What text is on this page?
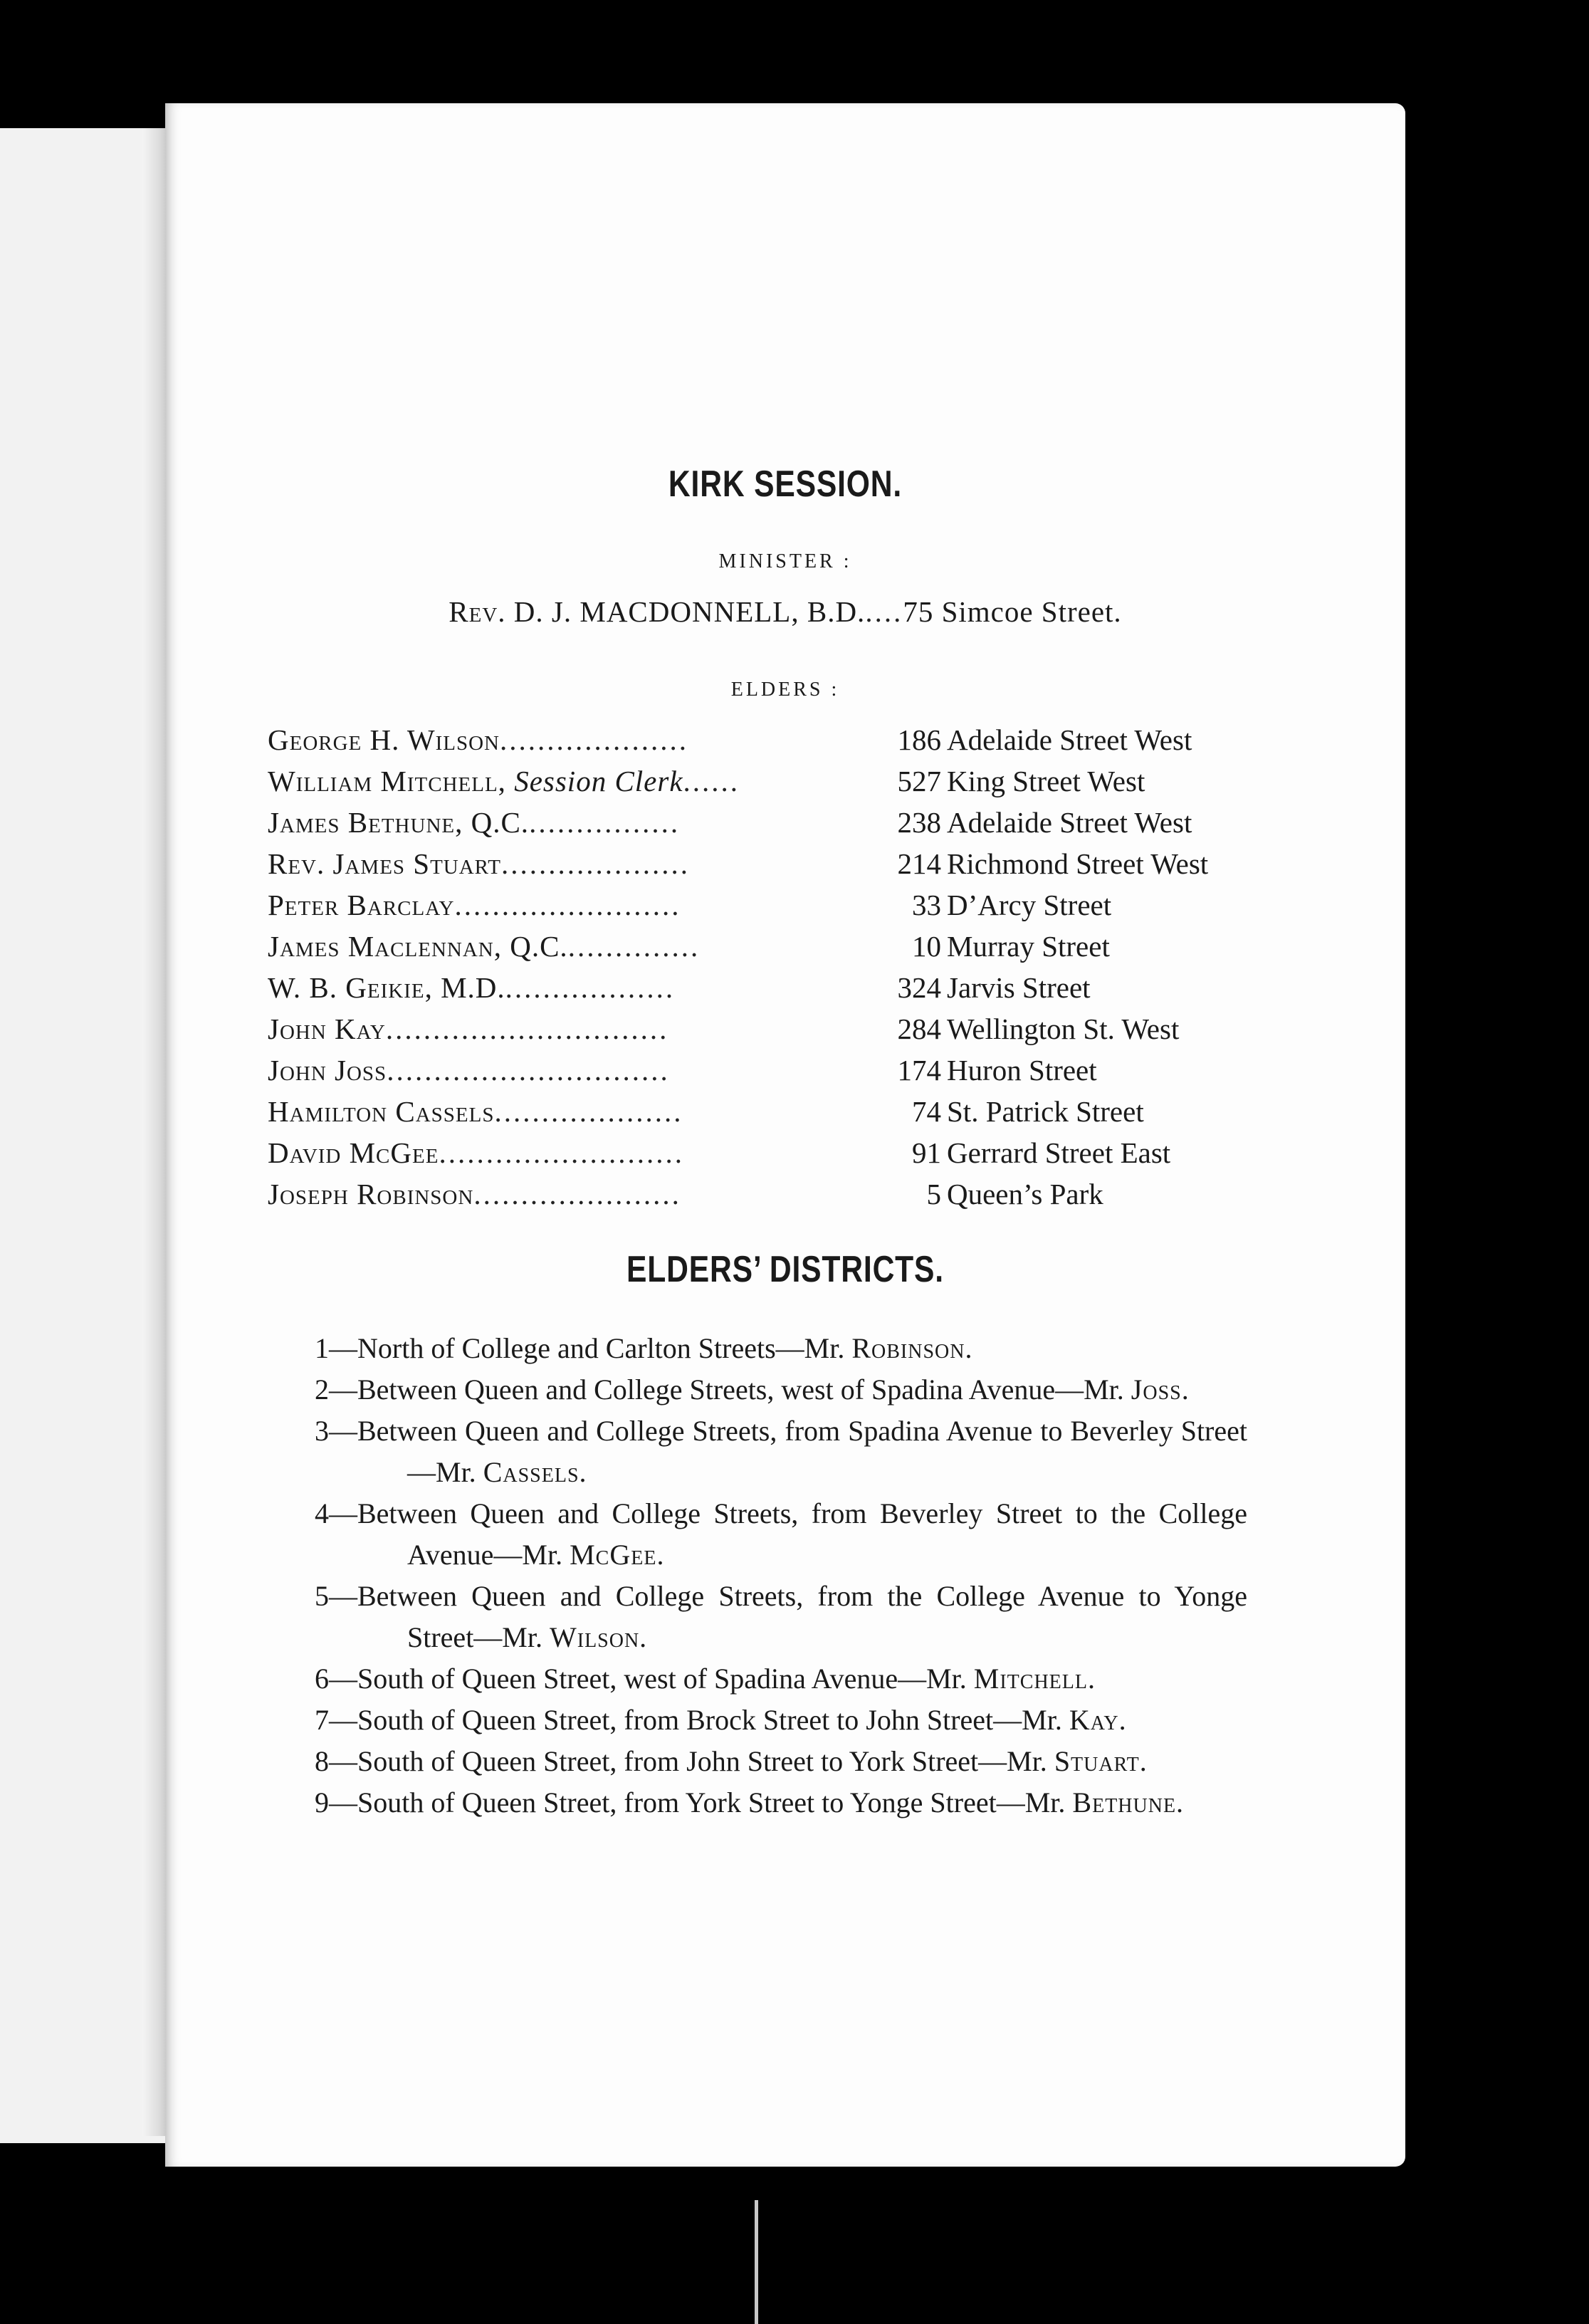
KIRK SESSION.
MINISTER :
Rev. D. J. MACDONNELL, B.D.....75 Simcoe Street.
ELDERS :
George H. Wilson....................	186 Adelaide Street West
William Mitchell, Session Clerk......	527 King Street West
James Bethune, Q.C.................	238 Adelaide Street West
Rev. James Stuart....................	214 Richmond Street West
Peter Barclay........................	33 D’Arcy Street
James Maclennan, Q.C...............	10 Murray Street
W. B. Geikie, M.D...................	324 Jarvis Street
John Kay..............................	284 Wellington St. West
John Joss..............................	174 Huron Street
Hamilton Cassels....................	74 St. Patrick Street
David McGee..........................	91 Gerrard Street East
Joseph Robinson......................	5 Queen’s Park
ELDERS’ DISTRICTS.
1—North of College and Carlton Streets—Mr. Robinson.
2—Between Queen and College Streets, west of Spadina Avenue—Mr. Joss.
3—Between Queen and College Streets, from Spadina Avenue to Beverley Street—Mr. Cassels.
4—Between Queen and College Streets, from Beverley Street to the College Avenue—Mr. McGee.
5—Between Queen and College Streets, from the College Avenue to Yonge Street—Mr. Wilson.
6—South of Queen Street, west of Spadina Avenue—Mr. Mitchell.
7—South of Queen Street, from Brock Street to John Street—Mr. Kay.
8—South of Queen Street, from John Street to York Street—Mr. Stuart.
9—South of Queen Street, from York Street to Yonge Street—Mr. Bethune.
